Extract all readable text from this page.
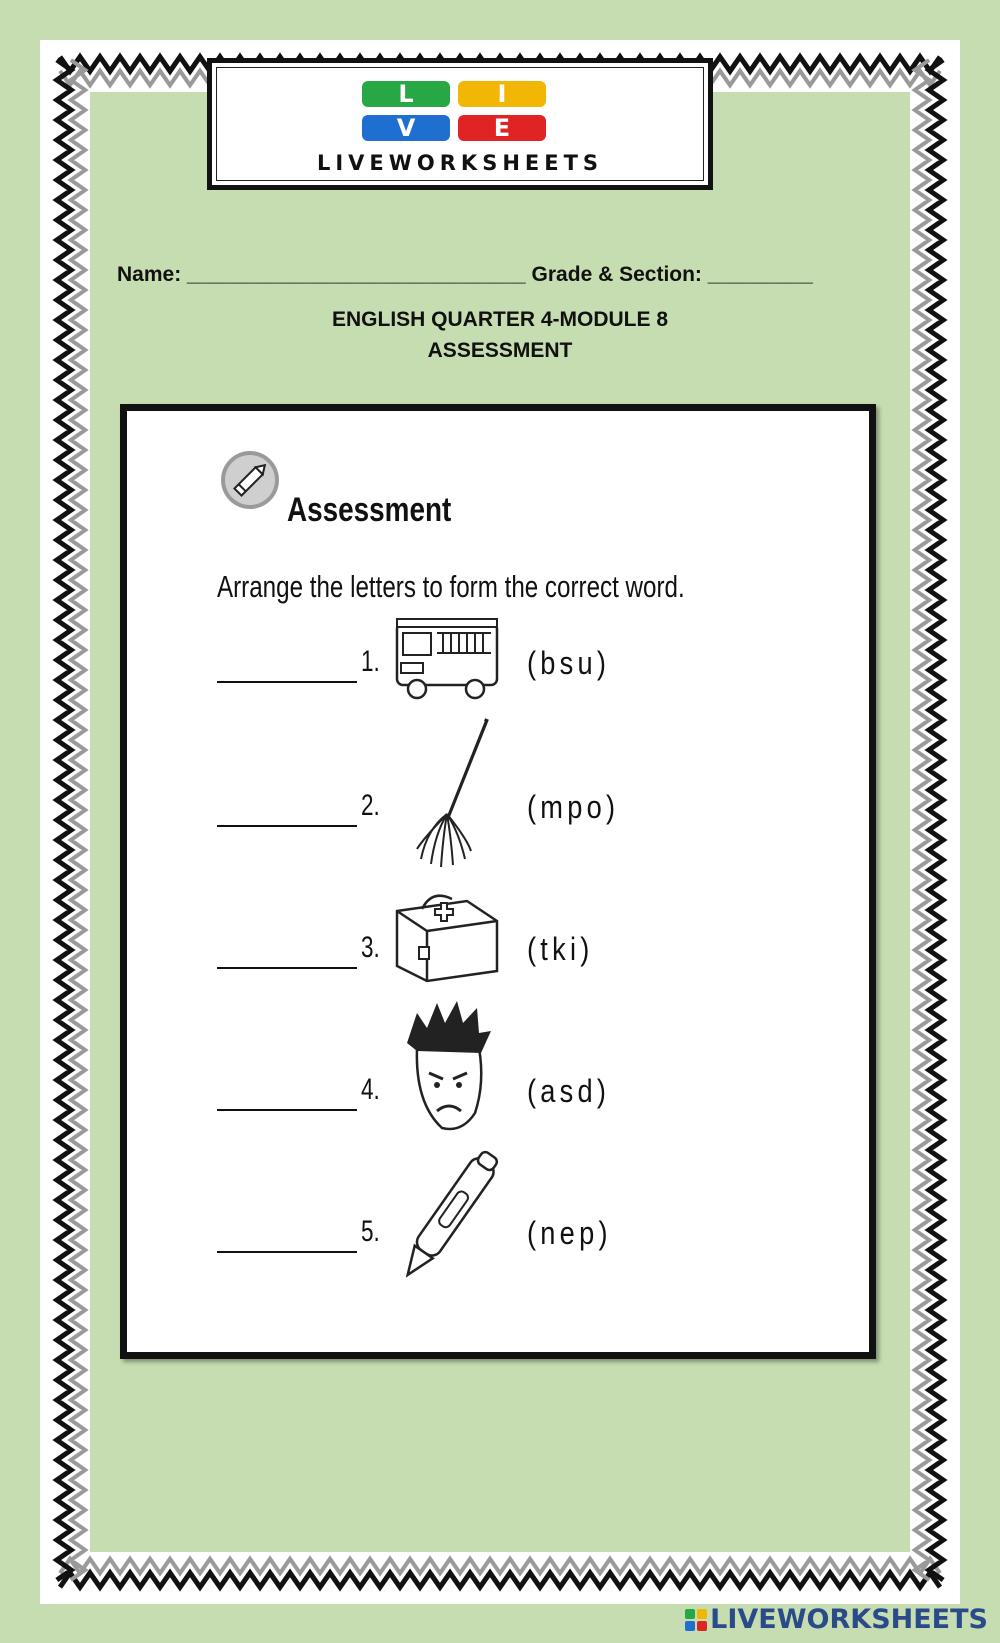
L	I
V	E
LIVEWORKSHEETS
Name: _____________________________ Grade & Section: _________
ENGLISH QUARTER 4-MODULE 8
ASSESSMENT
Assessment
Arrange the letters to form the correct word.
1.	(bsu)
2.	(mpo)
3.	(tki)
4.	(asd)
5.	(nep)
LIVEWORKSHEETS
